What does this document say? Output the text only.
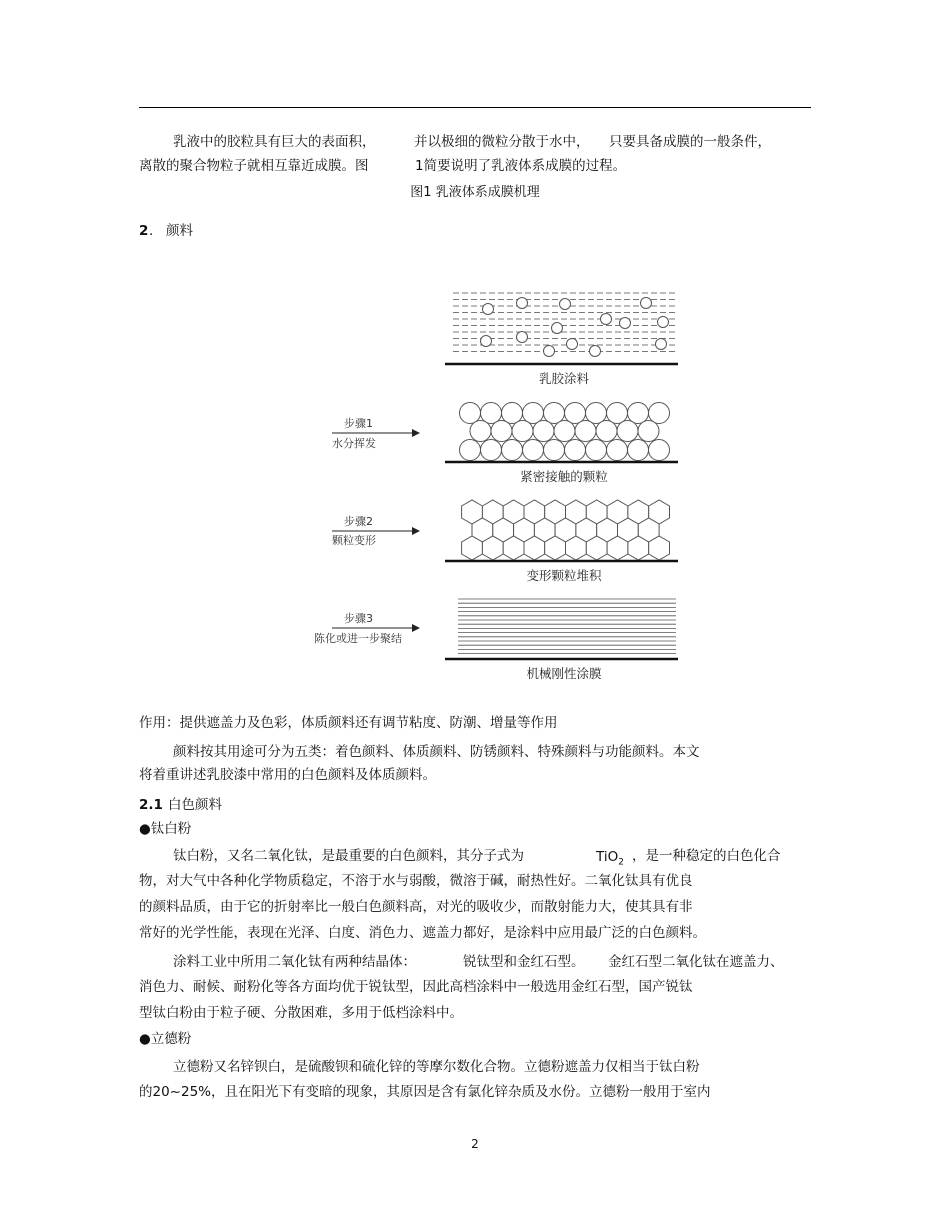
乳液中的胶粒具有巨大的表面积，	并以极细的微粒分散于水中， 只要具备成膜的一般条件，
离散的聚合物粒子就相互靠近成膜。图	1简要说明了乳液体系成膜的过程。
图1 乳液体系成膜机理
2 . 颜料
乳胶涂料
步骤1
水分挥发
紧密接触的颗粒
步骤2
颗粒变形
变形颗粒堆积
步骤3
陈化或进一步聚结
机械刚性涂膜
作用：提供遮盖力及色彩，体质颜料还有调节粘度、防潮、增量等作用
颜料按其用途可分为五类：着色颜料、体质颜料、防锈颜料、特殊颜料与功能颜料。本文
将着重讲述乳胶漆中常用的白色颜料及体质颜料。
2.1 白色颜料
●钛白粉
钛白粉，又名二氧化钛，是最重要的白色颜料，其分子式为	TiO$_2$ ，是一种稳定的白色化合
物，对大气中各种化学物质稳定，不溶于水与弱酸，微溶于碱，耐热性好。二氧化钛具有优良
的颜料品质，由于它的折射率比一般白色颜料高，对光的吸收少，而散射能力大，使其具有非
常好的光学性能，表现在光泽、白度、消色力、遮盖力都好，是涂料中应用最广泛的白色颜料。
涂料工业中所用二氧化钛有两种结晶体：	锐钛型和金红石型。 金红石型二氧化钛在遮盖力、
消色力、耐候、耐粉化等各方面均优于锐钛型，因此高档涂料中一般选用金红石型，国产锐钛
型钛白粉由于粒子硬、分散困难，多用于低档涂料中。
●立德粉
立德粉又名锌钡白，是硫酸钡和硫化锌的等摩尔数化合物。立德粉遮盖力仅相当于钛白粉
的20~25%，且在阳光下有变暗的现象，其原因是含有氯化锌杂质及水份。立德粉一般用于室内
2
